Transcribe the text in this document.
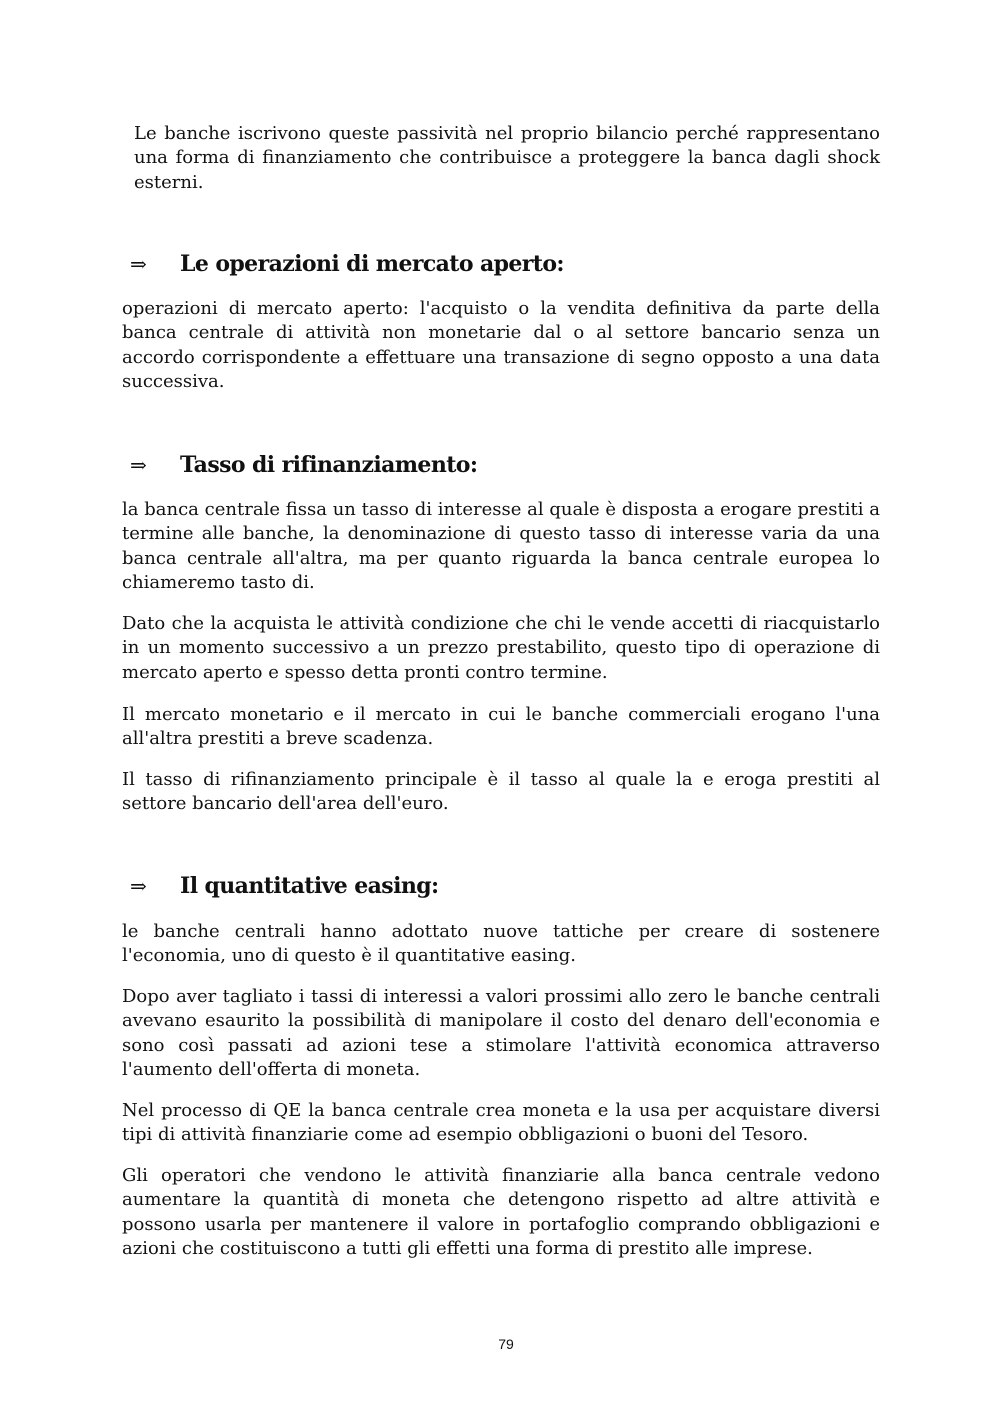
Le banche iscrivono queste passività nel proprio bilancio perché rappresentano una forma di finanziamento che contribuisce a proteggere la banca dagli shock esterni.

⇒ Le operazioni di mercato aperto:

operazioni di mercato aperto: l'acquisto o la vendita definitiva da parte della banca centrale di attività non monetarie dal o al settore bancario senza un accordo corrispondente a effettuare una transazione di segno opposto a una data successiva.

⇒ Tasso di rifinanziamento:

la banca centrale fissa un tasso di interesse al quale è disposta a erogare prestiti a termine alle banche, la denominazione di questo tasso di interesse varia da una banca centrale all'altra, ma per quanto riguarda la banca centrale europea lo chiameremo tasto di.

Dato che la acquista le attività condizione che chi le vende accetti di riacquistarlo in un momento successivo a un prezzo prestabilito, questo tipo di operazione di mercato aperto e spesso detta pronti contro termine.

Il mercato monetario e il mercato in cui le banche commerciali erogano l'una all'altra prestiti a breve scadenza.

Il tasso di rifinanziamento principale è il tasso al quale la e eroga prestiti al settore bancario dell'area dell'euro.

⇒ Il quantitative easing:

le banche centrali hanno adottato nuove tattiche per creare di sostenere l'economia, uno di questo è il quantitative easing.

Dopo aver tagliato i tassi di interessi a valori prossimi allo zero le banche centrali avevano esaurito la possibilità di manipolare il costo del denaro dell'economia e sono così passati ad azioni tese a stimolare l'attività economica attraverso l'aumento dell'offerta di moneta.

Nel processo di QE la banca centrale crea moneta e la usa per acquistare diversi tipi di attività finanziarie come ad esempio obbligazioni o buoni del Tesoro.

Gli operatori che vendono le attività finanziarie alla banca centrale vedono aumentare la quantità di moneta che detengono rispetto ad altre attività e possono usarla per mantenere il valore in portafoglio comprando obbligazioni e azioni che costituiscono a tutti gli effetti una forma di prestito alle imprese.

79
